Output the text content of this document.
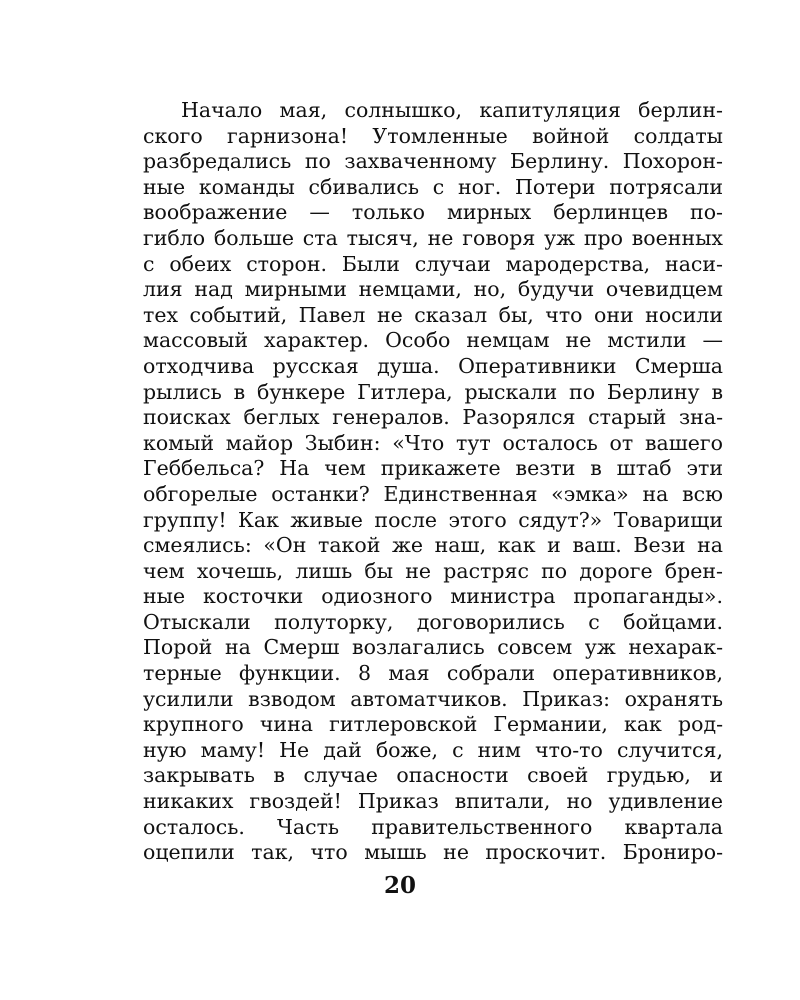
Начало мая, солнышко, капитуляция берлин-
ского гарнизона! Утомленные войной солдаты
разбредались по захваченному Берлину. Похорон-
ные команды сбивались с ног. Потери потрясали
воображение — только мирных берлинцев по-
гибло больше ста тысяч, не говоря уж про военных
с обеих сторон. Были случаи мародерства, наси-
лия над мирными немцами, но, будучи очевидцем
тех событий, Павел не сказал бы, что они носили
массовый характер. Особо немцам не мстили —
отходчива русская душа. Оперативники Смерша
рылись в бункере Гитлера, рыскали по Берлину в
поисках беглых генералов. Разорялся старый зна-
комый майор Зыбин: «Что тут осталось от вашего
Геббельса? На чем прикажете везти в штаб эти
обгорелые останки? Единственная «эмка» на всю
группу! Как живые после этого сядут?» Товарищи
смеялись: «Он такой же наш, как и ваш. Вези на
чем хочешь, лишь бы не растряс по дороге брен-
ные косточки одиозного министра пропаганды».
Отыскали полуторку, договорились с бойцами.
Порой на Смерш возлагались совсем уж нехарак-
терные функции. 8 мая собрали оперативников,
усилили взводом автоматчиков. Приказ: охранять
крупного чина гитлеровской Германии, как род-
ную маму! Не дай боже, с ним что-то случится,
закрывать в случае опасности своей грудью, и
никаких гвоздей! Приказ впитали, но удивление
осталось. Часть правительственного квартала
оцепили так, что мышь не проскочит. Брониро-
20
